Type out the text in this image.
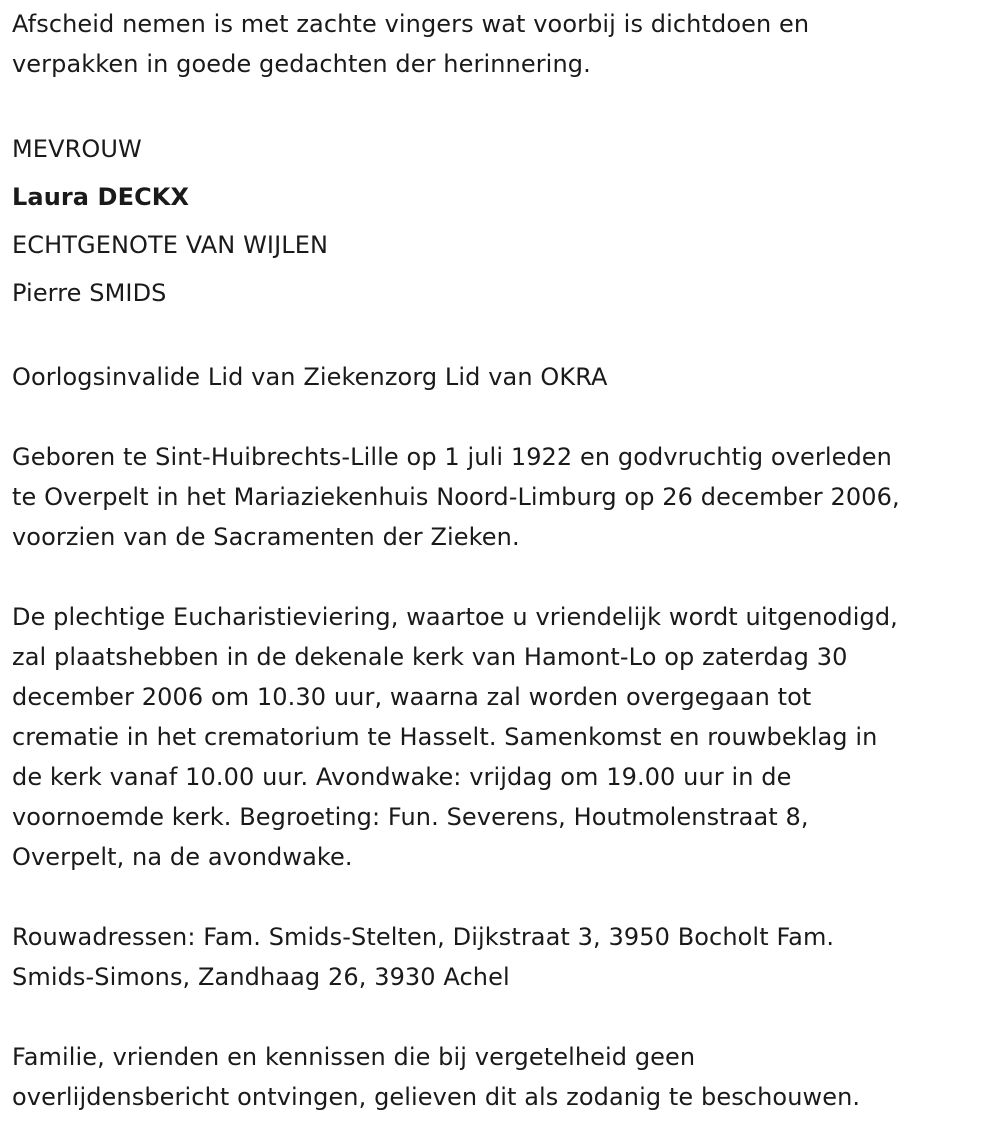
Afscheid nemen is met zachte vingers wat voorbij is dichtdoen en

verpakken in goede gedachten der herinnering.

MEVROUW

Laura DECKX

ECHTGENOTE VAN WIJLEN

Pierre SMIDS

Oorlogsinvalide Lid van Ziekenzorg Lid van OKRA

Geboren te Sint-Huibrechts-Lille op 1 juli 1922 en godvruchtig overleden

te Overpelt in het Mariaziekenhuis Noord-Limburg op 26 december 2006,

voorzien van de Sacramenten der Zieken.

De plechtige Eucharistieviering, waartoe u vriendelijk wordt uitgenodigd,

zal plaatshebben in de dekenale kerk van Hamont-Lo op zaterdag 30

december 2006 om 10.30 uur, waarna zal worden overgegaan tot

crematie in het crematorium te Hasselt. Samenkomst en rouwbeklag in

de kerk vanaf 10.00 uur. Avondwake: vrijdag om 19.00 uur in de

voornoemde kerk. Begroeting: Fun. Severens, Houtmolenstraat 8,

Overpelt, na de avondwake.

Rouwadressen: Fam. Smids-Stelten, Dijkstraat 3, 3950 Bocholt Fam.

Smids-Simons, Zandhaag 26, 3930 Achel

Familie, vrienden en kennissen die bij vergetelheid geen

overlijdensbericht ontvingen, gelieven dit als zodanig te beschouwen.
